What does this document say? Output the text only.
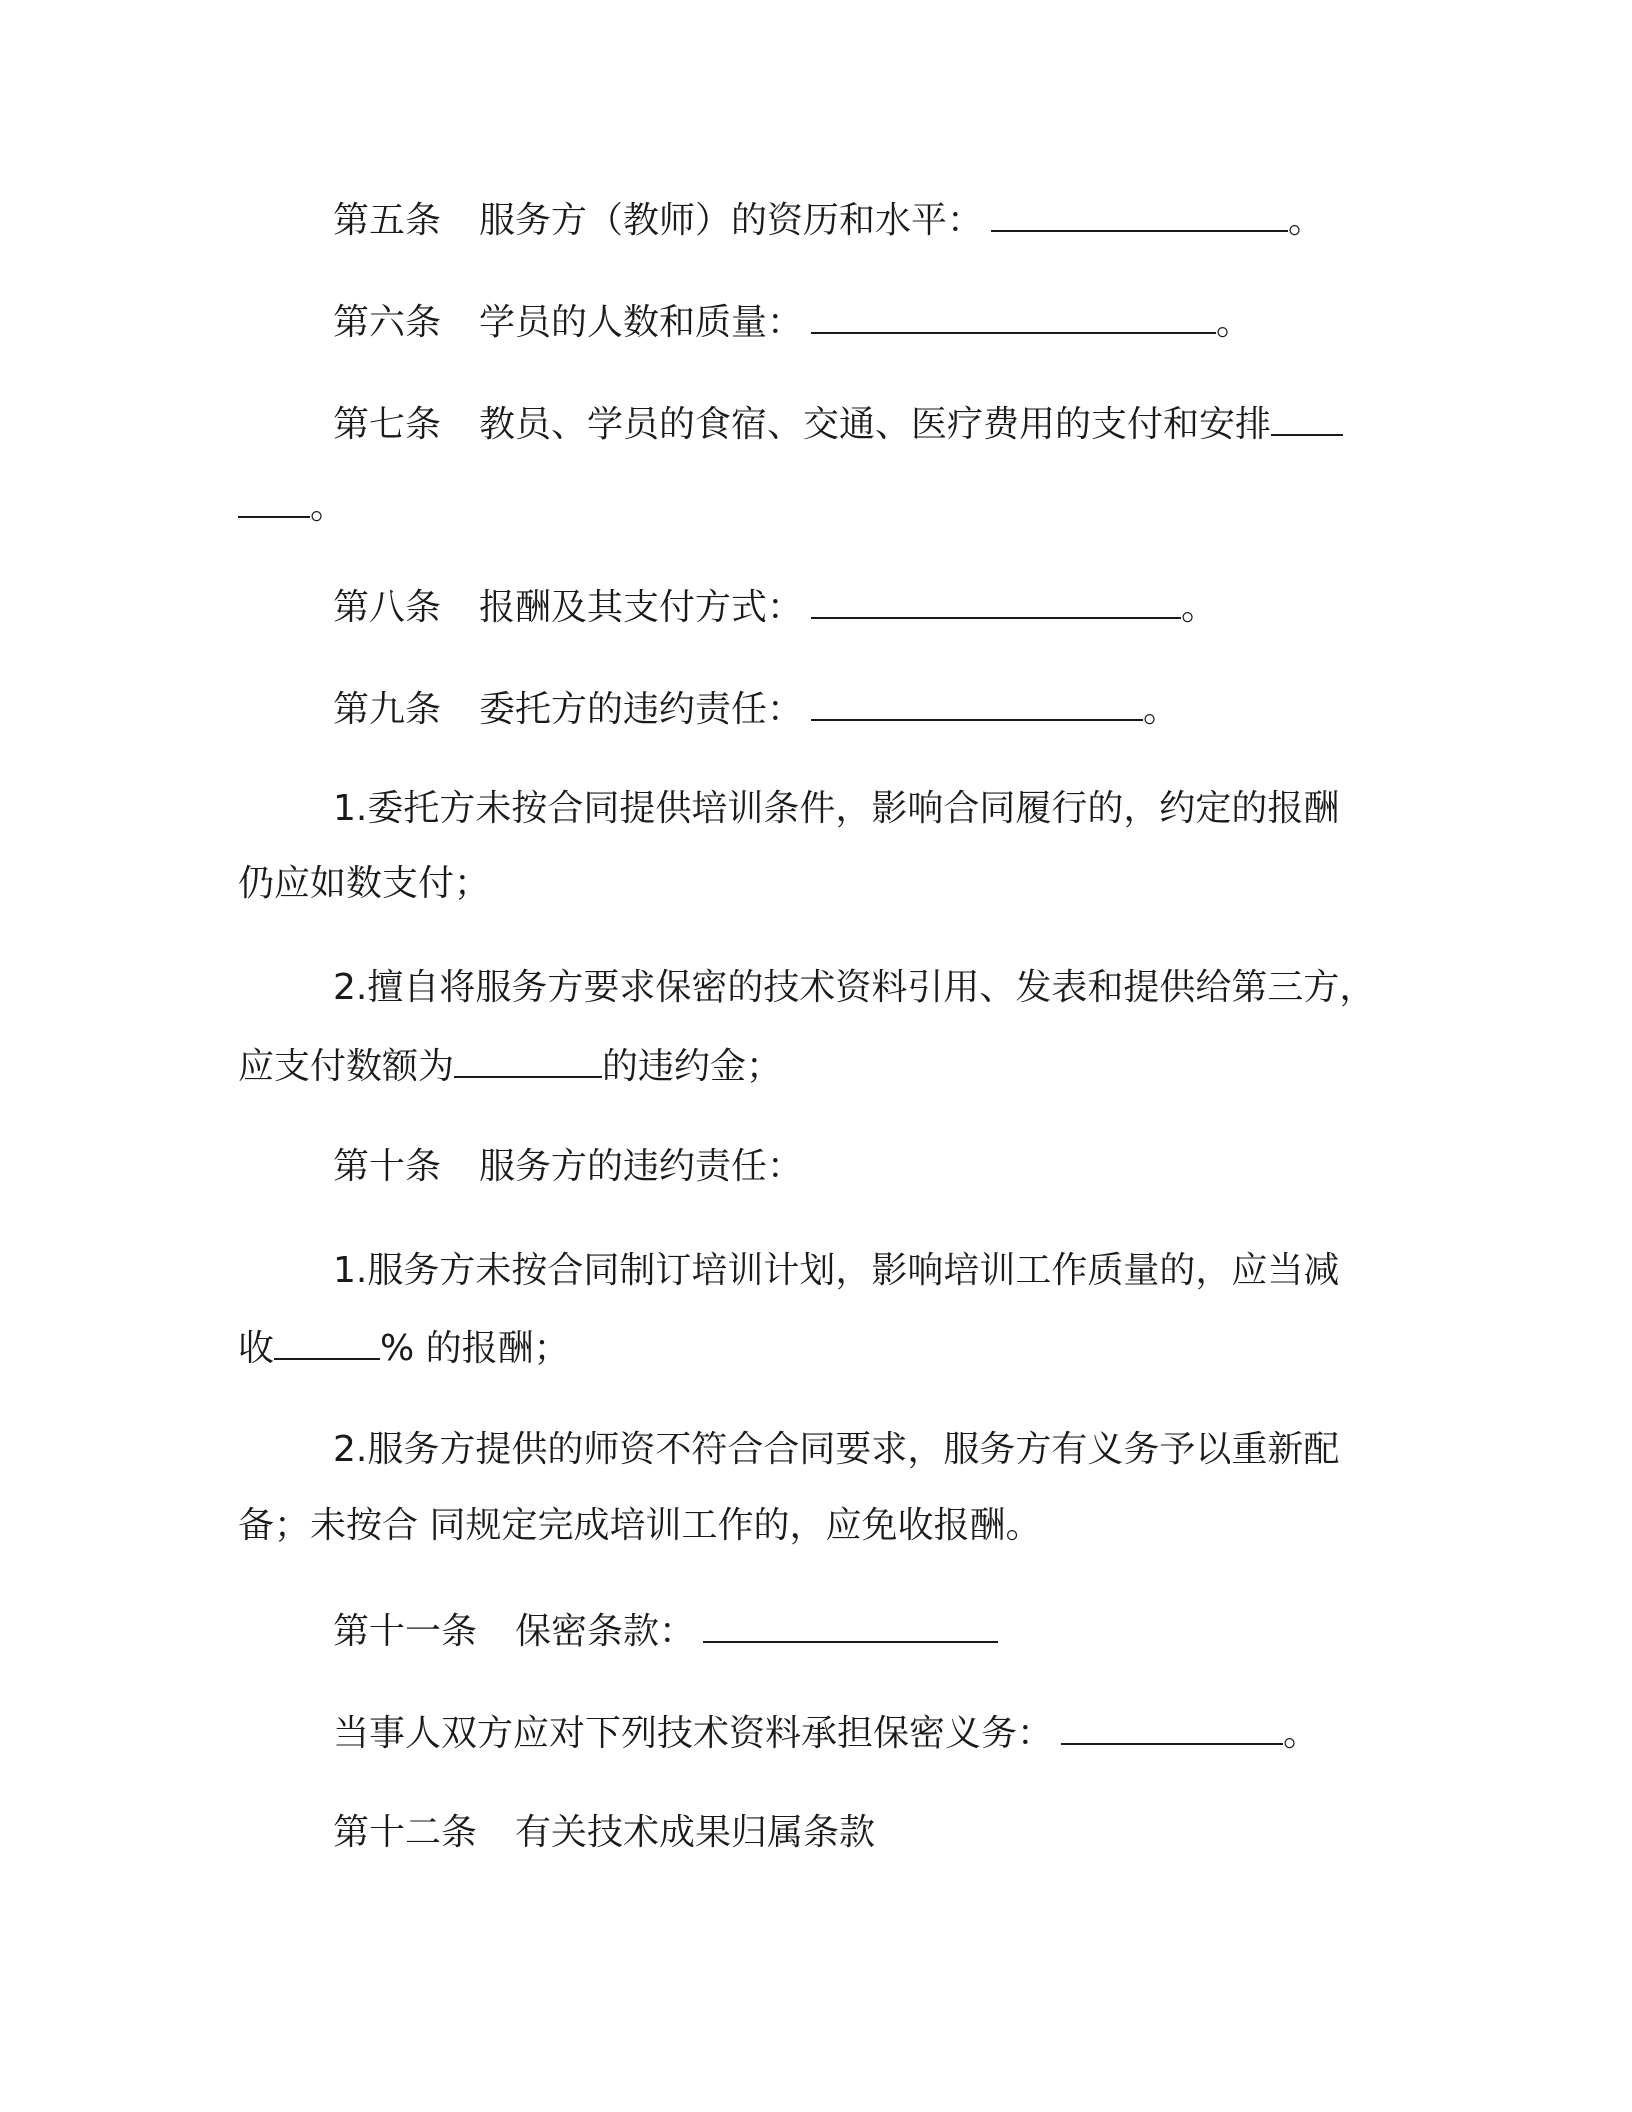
第五条 服务方（教师）的资历和水平：	。
第六条 学员的人数和质量：	。
第七条 教员、学员的食宿、交通、医疗费用的支付和安排
。
第八条 报酬及其支付方式：	。
第九条 委托方的违约责任：	。
1.委托方未按合同提供培训条件，影响合同履行的，约定的报酬
仍应如数支付；
2.擅自将服务方要求保密的技术资料引用、发表和提供给第三方，
应支付数额为	的违约金；
第十条 服务方的违约责任：
1.服务方未按合同制订培训计划，影响培训工作质量的，应当减
收	% 的报酬；
2.服务方提供的师资不符合合同要求，服务方有义务予以重新配
备；未按合 同规定完成培训工作的，应免收报酬。
第十一条 保密条款：
当事人双方应对下列技术资料承担保密义务：	。
第十二条 有关技术成果归属条款
